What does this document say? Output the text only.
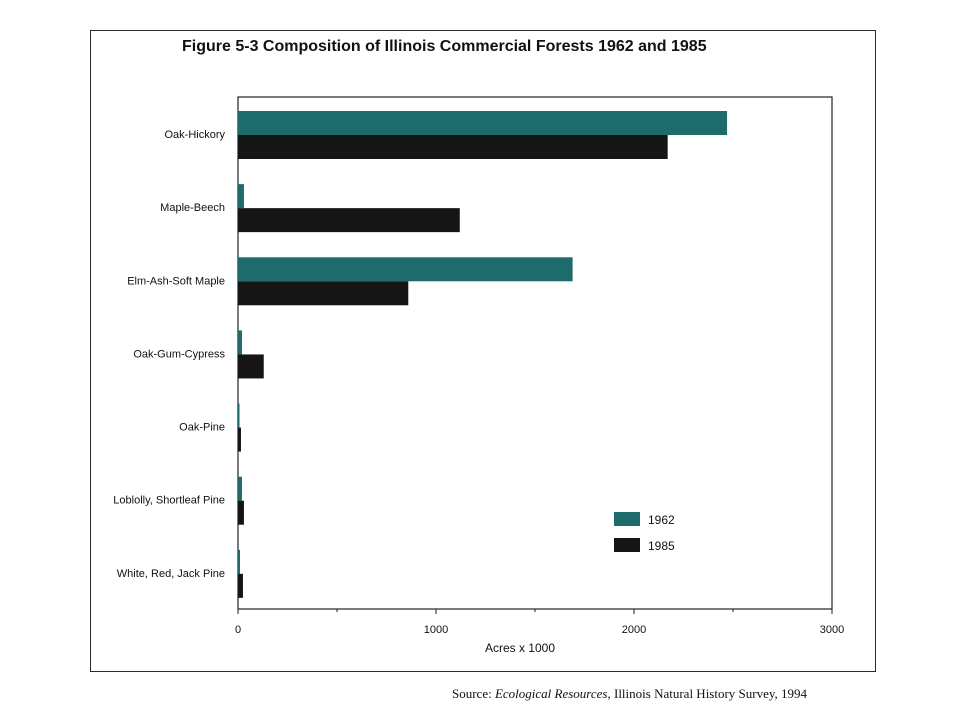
Figure 5-3 Composition of Illinois Commercial Forests 1962 and 1985
0	1000	2000	3000
Acres x 1000
Oak-Hickory
Maple-Beech
Elm-Ash-Soft Maple
Oak-Gum-Cypress
Oak-Pine
Loblolly, Shortleaf Pine
White, Red, Jack Pine
1962
1985
Source: Ecological Resources, Illinois Natural History Survey, 1994
